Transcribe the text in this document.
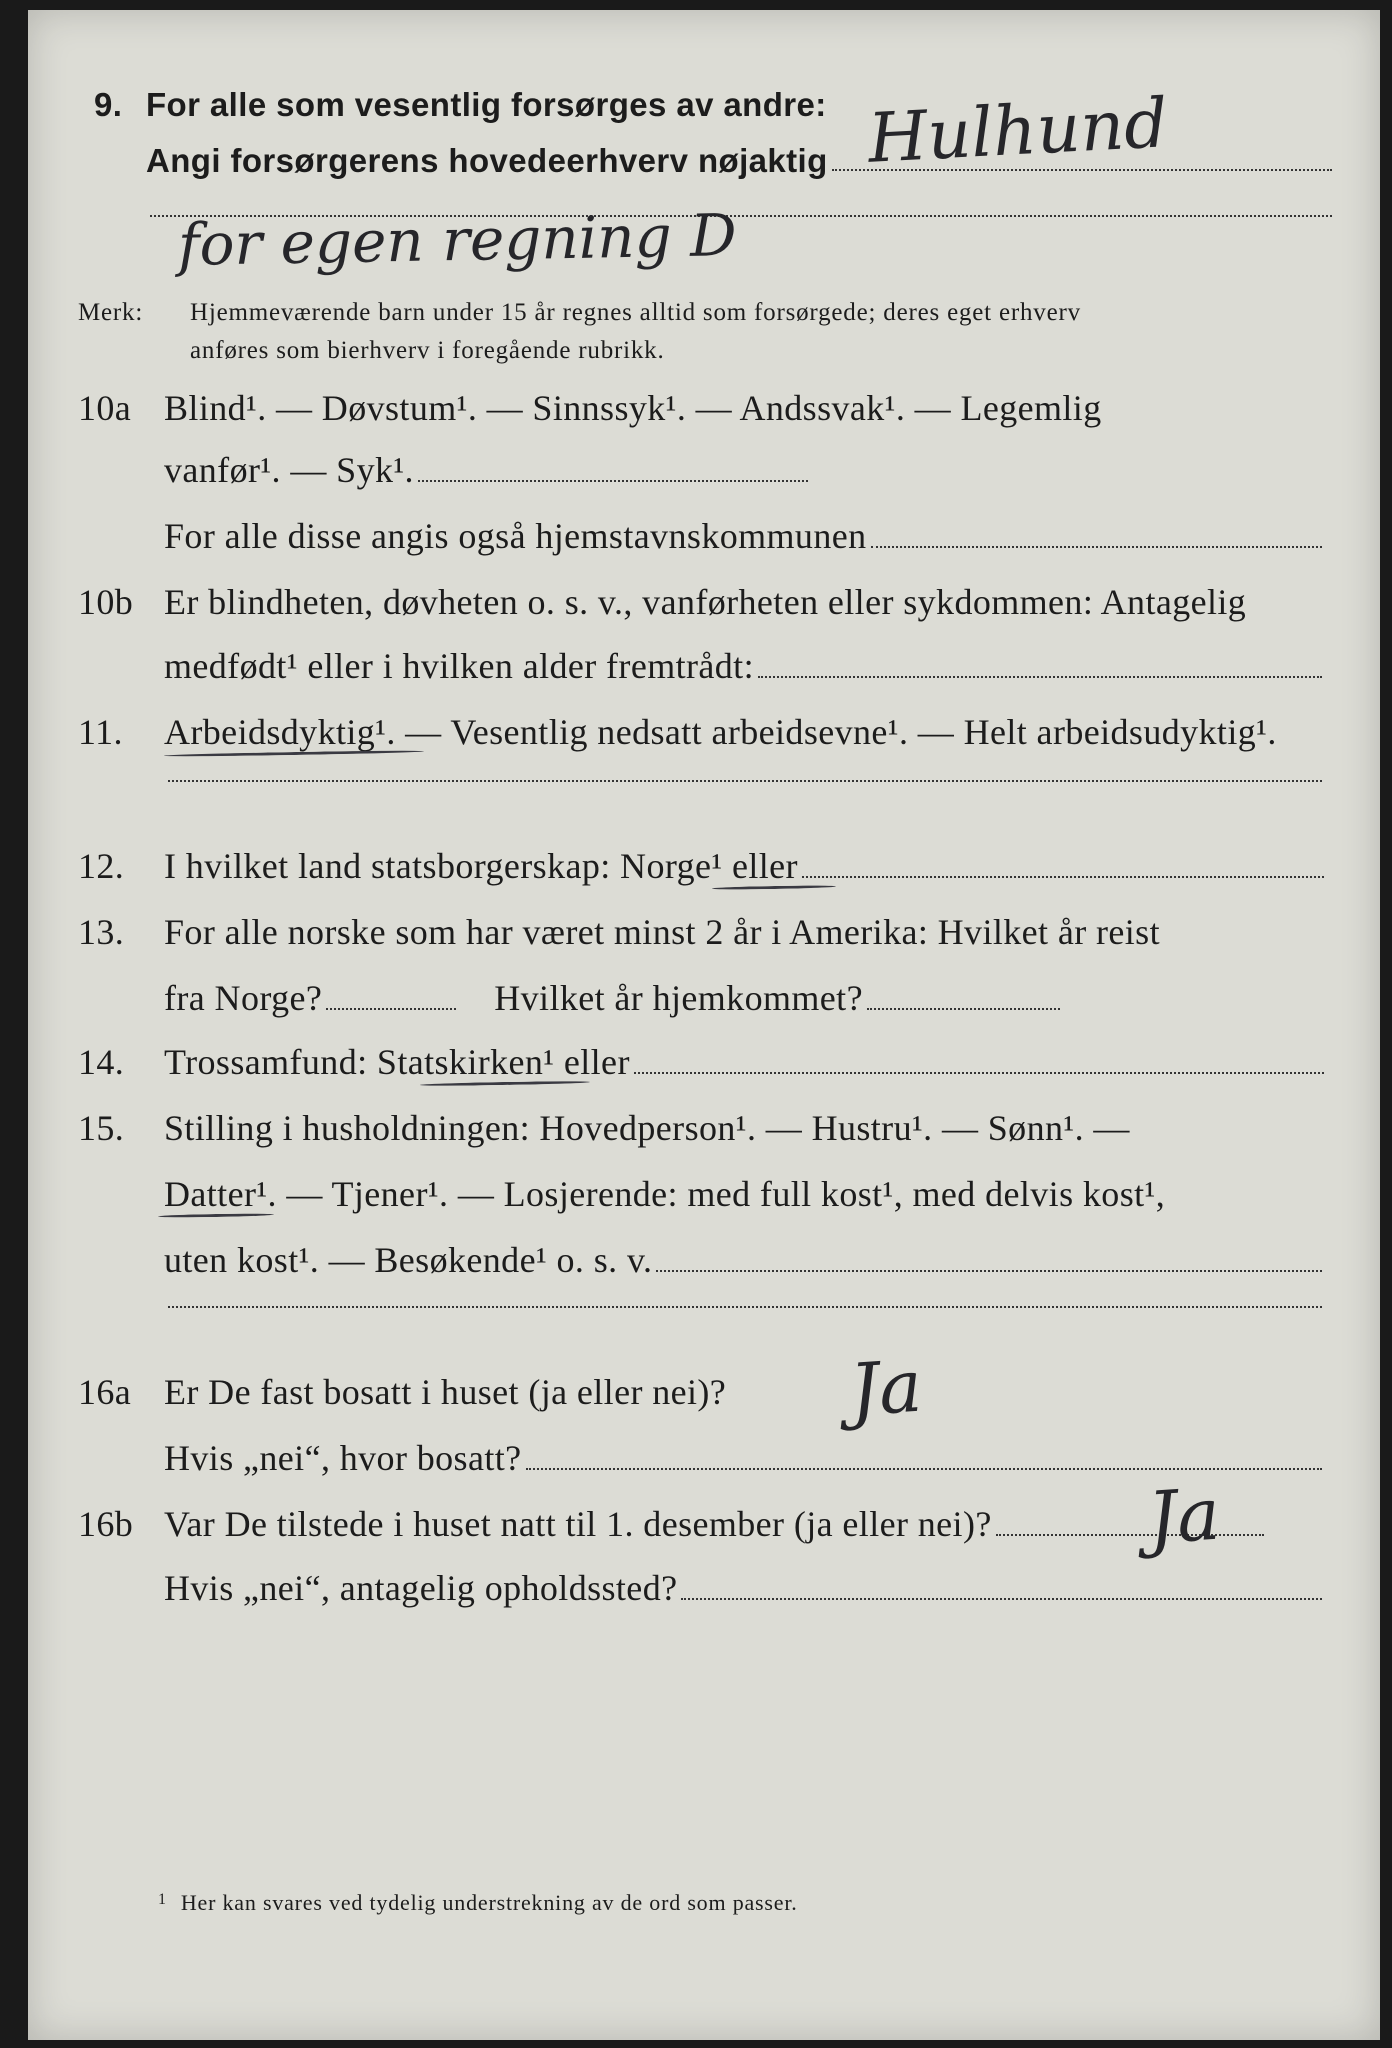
9. For alle som vesentlig forsørges av andre:
Angi forsørgerens hovedeerhverv nøjaktig Hulhund
for egen regning D
Merk:	Hjemmeværende barn under 15 år regnes alltid som forsørgede; deres eget erhverv
anføres som bierhverv i foregående rubrikk.
10a Blind¹. — Døvstum¹. — Sinnssyk¹. — Andssvak¹. — Legemlig
vanfør¹. — Syk¹.
For alle disse angis også hjemstavnskommunen
10b Er blindheten, døvheten o. s. v., vanførheten eller sykdommen: Antagelig
medfødt¹ eller i hvilken alder fremtrådt:
11.	Arbeidsdyktig¹. — Vesentlig nedsatt arbeidsevne¹. — Helt arbeidsudyktig¹.
12.	I hvilket land statsborgerskap: Norge¹ eller
13.	For alle norske som har været minst 2 år i Amerika: Hvilket år reist
fra Norge?	Hvilket år hjemkommet?
14.	Trossamfund: Statskirken¹ eller
15.	Stilling i husholdningen: Hovedperson¹. — Hustru¹. — Sønn¹. —
Datter¹. — Tjener¹. — Losjerende: med full kost¹, med delvis kost¹,
uten kost¹. — Besøkende¹ o. s. v.
16a Er De fast bosatt i huset (ja eller nei)? Ja
Hvis „nei“, hvor bosatt?
16b Var De tilstede i huset natt til 1. desember (ja eller nei)? Ja
Hvis „nei“, antagelig opholdssted?
1 Her kan svares ved tydelig understrekning av de ord som passer.
